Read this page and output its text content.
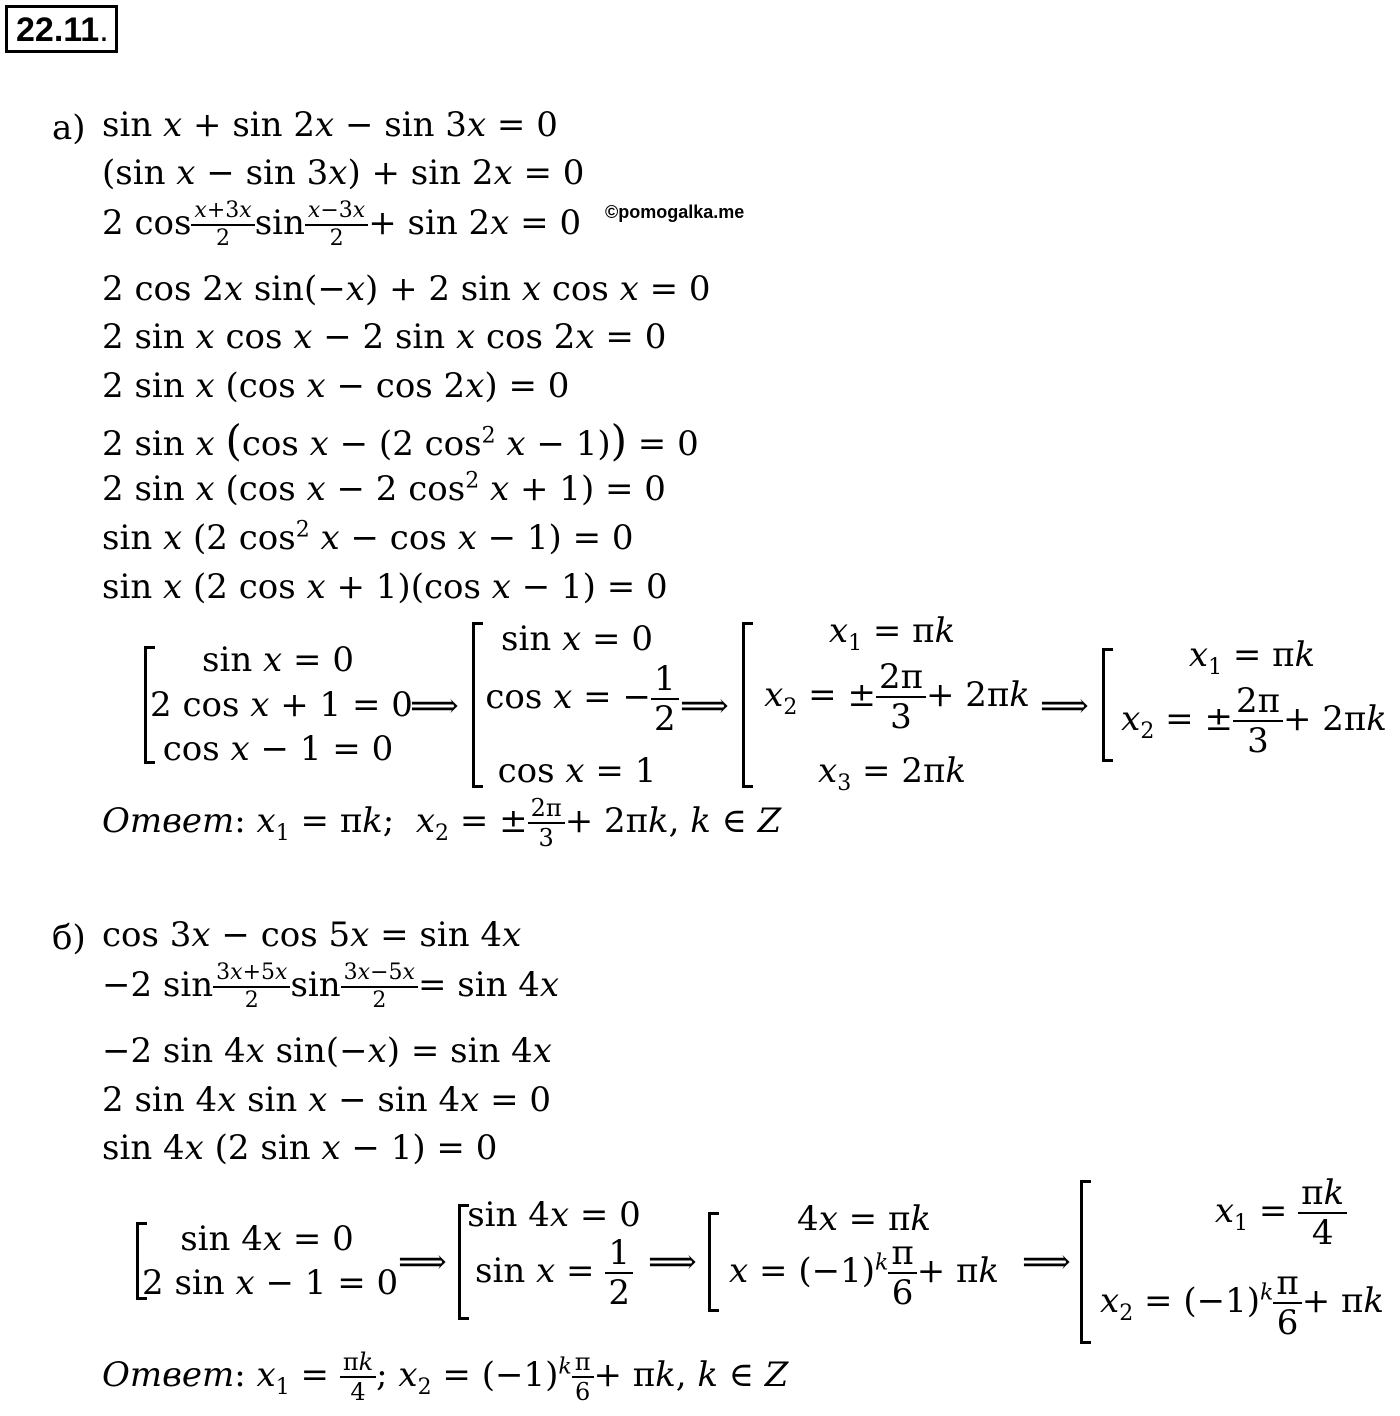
22.11.
©pomogalka.me
а) sin x + sin 2x − sin 3x = 0
(sin x − sin 3x) + sin 2x = 0
2 $\cos \frac{x+3x}{2}$ $\sin \frac{x-3x}{2} + \sin 2x = 0$
2 cos 2x sin(−x) + 2 sin x cos x = 0
2 sin x cos x − 2 sin x cos 2x = 0
2 sin x (cos x − cos 2x) = 0
2 sin x (cos x − (2 $\cos^2 x - 1)) = 0$
2 sin x (cos x − 2 $\cos^2 x + 1) = 0$
sin x (2 $\cos^2 x - \cos x - 1) = 0$
sin x (2 cos x + 1)(cos x − 1) = 0
sin x = 0
2 cos x + 1 = 0
cos x − 1 = 0
⟹
sin x = 0
cos x = − $\frac{1}{2}$
cos x = 1
⟹
$x_1 = \pi k$
$x_2$ = ± $\frac{2\pi}{3} + 2\pi k$
$x_3 = 2\pi k$
⟹
$x_1 = \pi k$
$x_2$ = ± $\frac{2\pi}{3} + 2\pi k$
Ответ: $x_1 = \pi k$;  $x_2$ = ± $\frac{2\pi}{3} + 2\pi k$, k ∈ Z
б) cos 3x − cos 5x = sin 4x
−2 $\sin \frac{3x+5x}{2}$ $\sin \frac{3x-5x}{2} = \sin 4x$
−2 sin 4x sin(−x) = sin 4x
2 sin 4x sin x − sin 4x = 0
sin 4x (2 sin x − 1) = 0
sin 4x = 0
2 sin x − 1 = 0
⟹
sin 4x = 0
$\sin x = \frac{1}{2}$ ⟹
4x = πk
$x = (-1)^k \frac{\pi}{6} + \pi k$ ⟹
$x_1 = \frac{\pi k}{4}$
$x_2 = (-1)^k \frac{\pi}{6} + \pi k$
Ответ: $x_1 = \frac{\pi k}{4}$ ; $x_2 = (-1)^k \frac{\pi}{6} + \pi k$, k ∈ Z
